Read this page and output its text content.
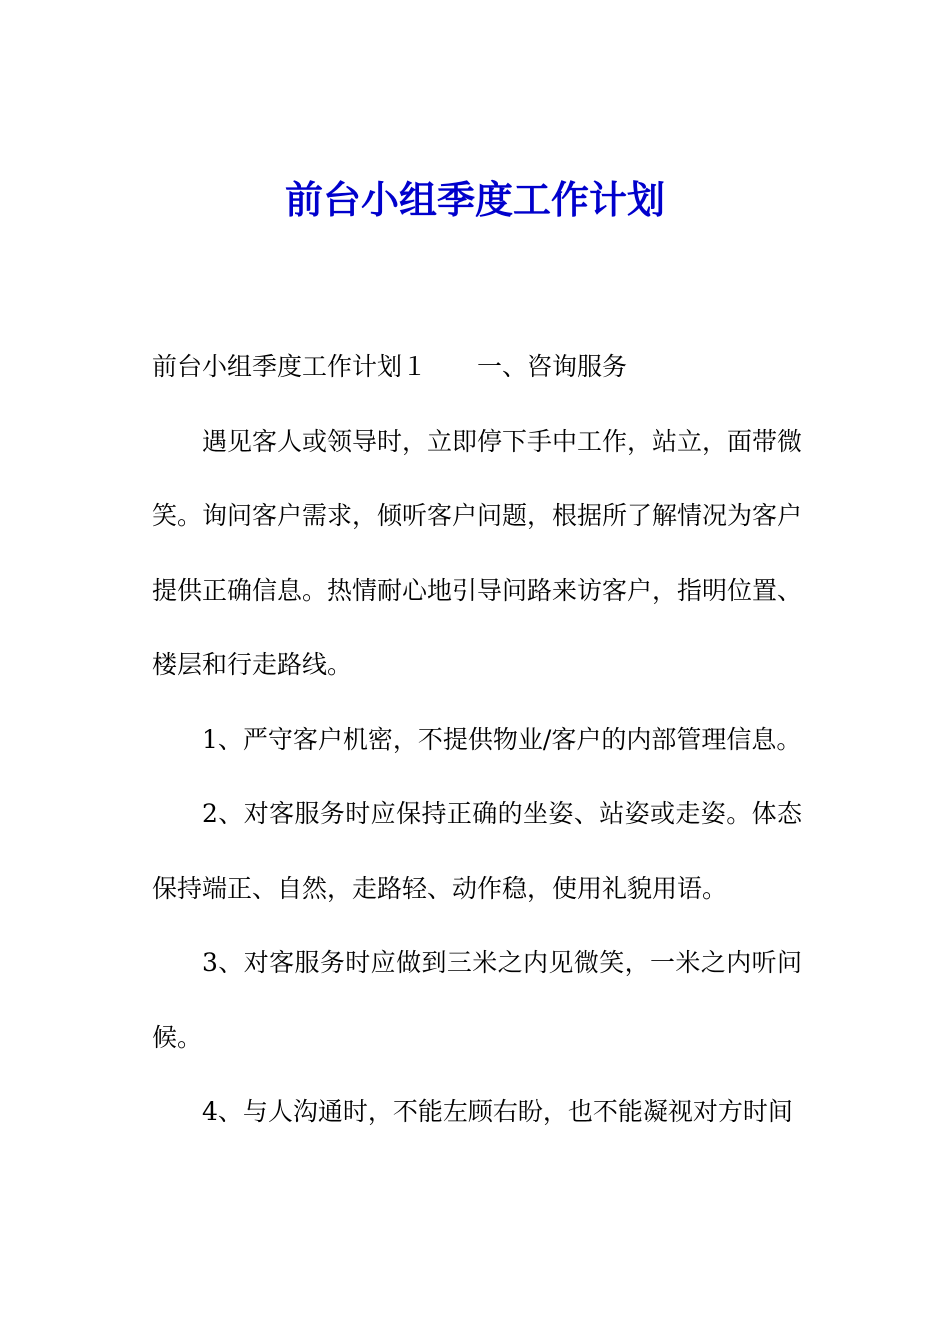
前台小组季度工作计划

前台小组季度工作计划１ 一、咨询服务

遇见客人或领导时，立即停下手中工作，站立，面带微笑。询问客户需求，倾听客户问题，根据所了解情况为客户提供正确信息。热情耐心地引导问路来访客户，指明位置、楼层和行走路线。

1、严守客户机密，不提供物业/客户的内部管理信息。

2、对客服务时应保持正确的坐姿、站姿或走姿。体态保持端正、自然，走路轻、动作稳，使用礼貌用语。

3、对客服务时应做到三米之内见微笑，一米之内听问候。

4、与人沟通时，不能左顾右盼，也不能凝视对方时间
